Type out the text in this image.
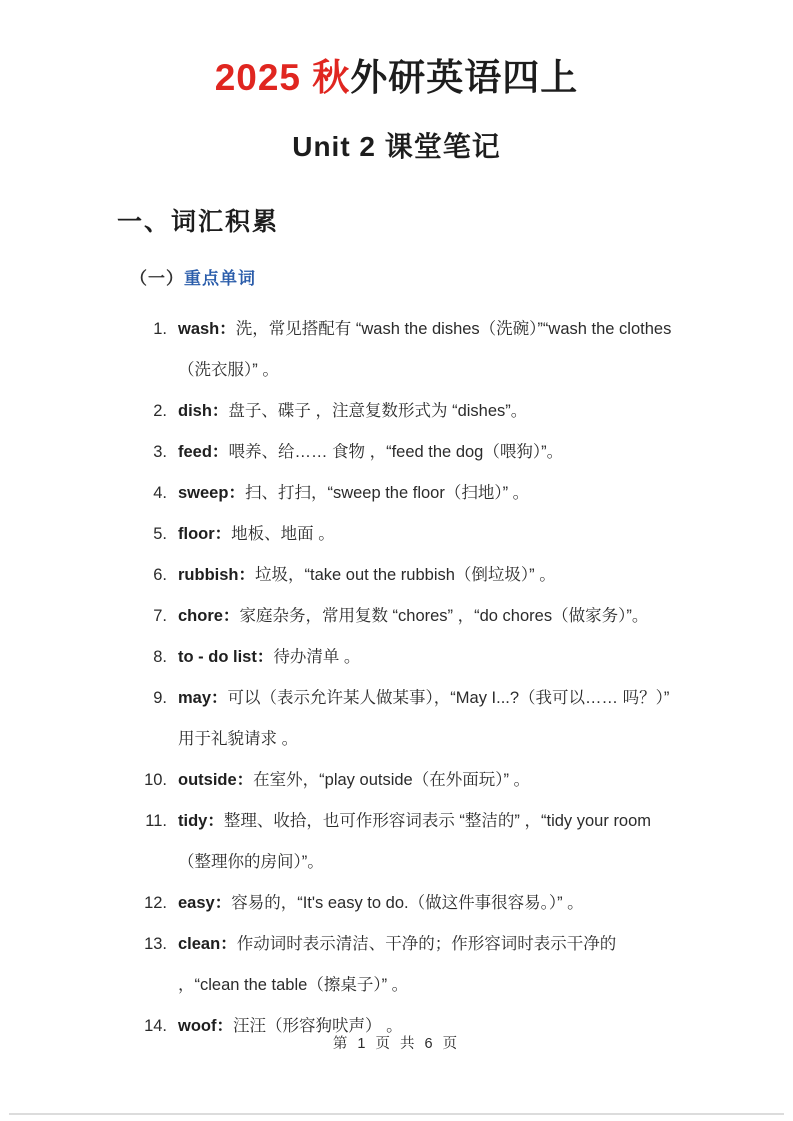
2025 秋外研英语四上
Unit 2 课堂笔记
一、词汇积累
（一）重点单词
1. wash：洗，常见搭配有 “wash the dishes（洗碗）”“wash the clothes（洗衣服）” 。
2. dish：盘子、碟子 ，注意复数形式为 “dishes”。
3. feed：喂养、给…… 食物 ，“feed the dog（喂狗）”。
4. sweep：扫、打扫，“sweep the floor（扫地）” 。
5. floor：地板、地面 。
6. rubbish：垃圾，“take out the rubbish（倒垃圾）” 。
7. chore：家庭杂务，常用复数 “chores” ，“do chores（做家务）”。
8. to - do list：待办清单 。
9. may：可以（表示允许某人做某事），“May I...?（我可以…… 吗？）” 用于礼貌请求 。
10. outside：在室外，“play outside（在外面玩）” 。
11. tidy：整理、收拾，也可作形容词表示 “整洁的” ，“tidy your room（整理你的房间）”。
12. easy：容易的，“It's easy to do.（做这件事很容易。）” 。
13. clean：作动词时表示清洁、干净的；作形容词时表示干净的 ，“clean the table（擦桌子）” 。
14. woof：汪汪（形容狗吠声） 。
第 1 页 共 6 页
